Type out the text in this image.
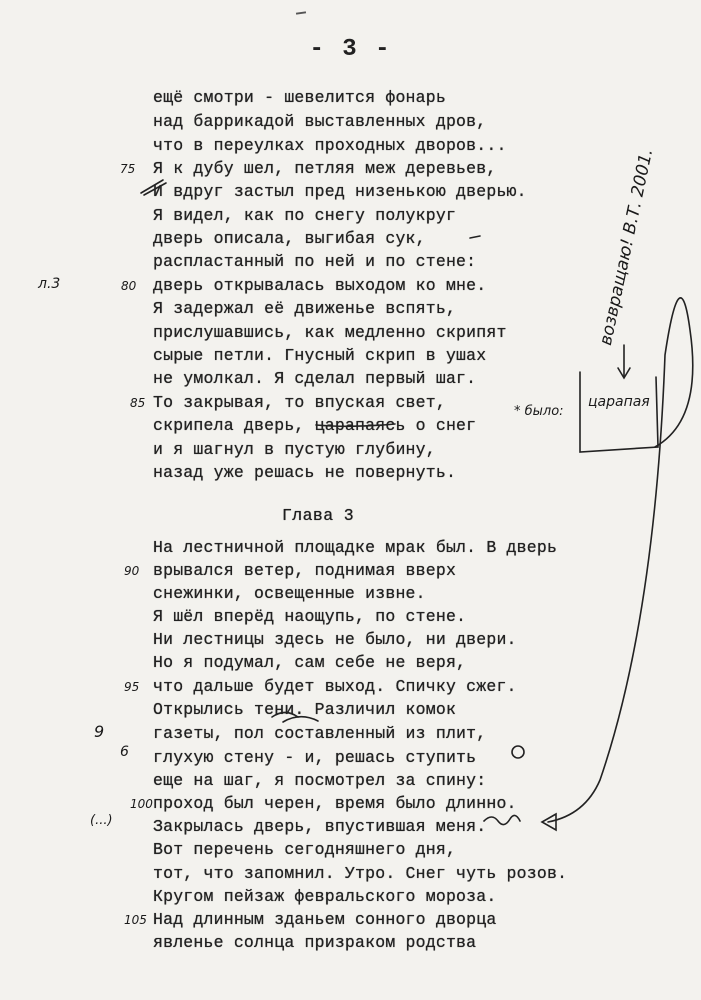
- 3 -
ещё смотри - шевелится фонарь
над баррикадой выставленных дров,
что в переулках проходных дворов...
Я к дубу шел, петляя меж деревьев,
И вдруг застыл пред низенькою дверью.
Я видел, как по снегу полукруг
дверь описала, выгибая сук,
распластанный по ней и по стене:
дверь открывалась выходом ко мне.
Я задержал её движенье вспять,
прислушавшись, как медленно скрипят
сырые петли. Гнусный скрип в ушах
не умолкал. Я сделал первый шаг.
То закрывая, то впуская свет,
скрипела дверь, царапаясь о снег
и я шагнул в пустую глубину,
назад уже решась не повернуть.
Глава 3
На лестничной площадке мрак был. В дверь
врывался ветер, поднимая вверх
снежинки, освещенные извне.
Я шёл вперёд наощупь, по стене.
Ни лестницы здесь не было, ни двери.
Но я подумал, сам себе не веря,
что дальше будет выход. Спичку сжег.
Открылись тени. Различил комок
газеты, пол составленный из плит,
глухую стену - и, решась ступить
еще на шаг, я посмотрел за спину:
проход был черен, время было длинно.
Закрылась дверь, впустившая меня.
Вот перечень сегодняшнего дня,
тот, что запомнил. Утро. Снег чуть розов.
Кругом пейзаж февральского мороза.
Над длинным зданьем сонного дворца
явленье солнца призраком родства
75
80
85
90
95
100
105
л.3
9
6
(...)
возвращаю! В.Т. 2001.
* было:
царапая
